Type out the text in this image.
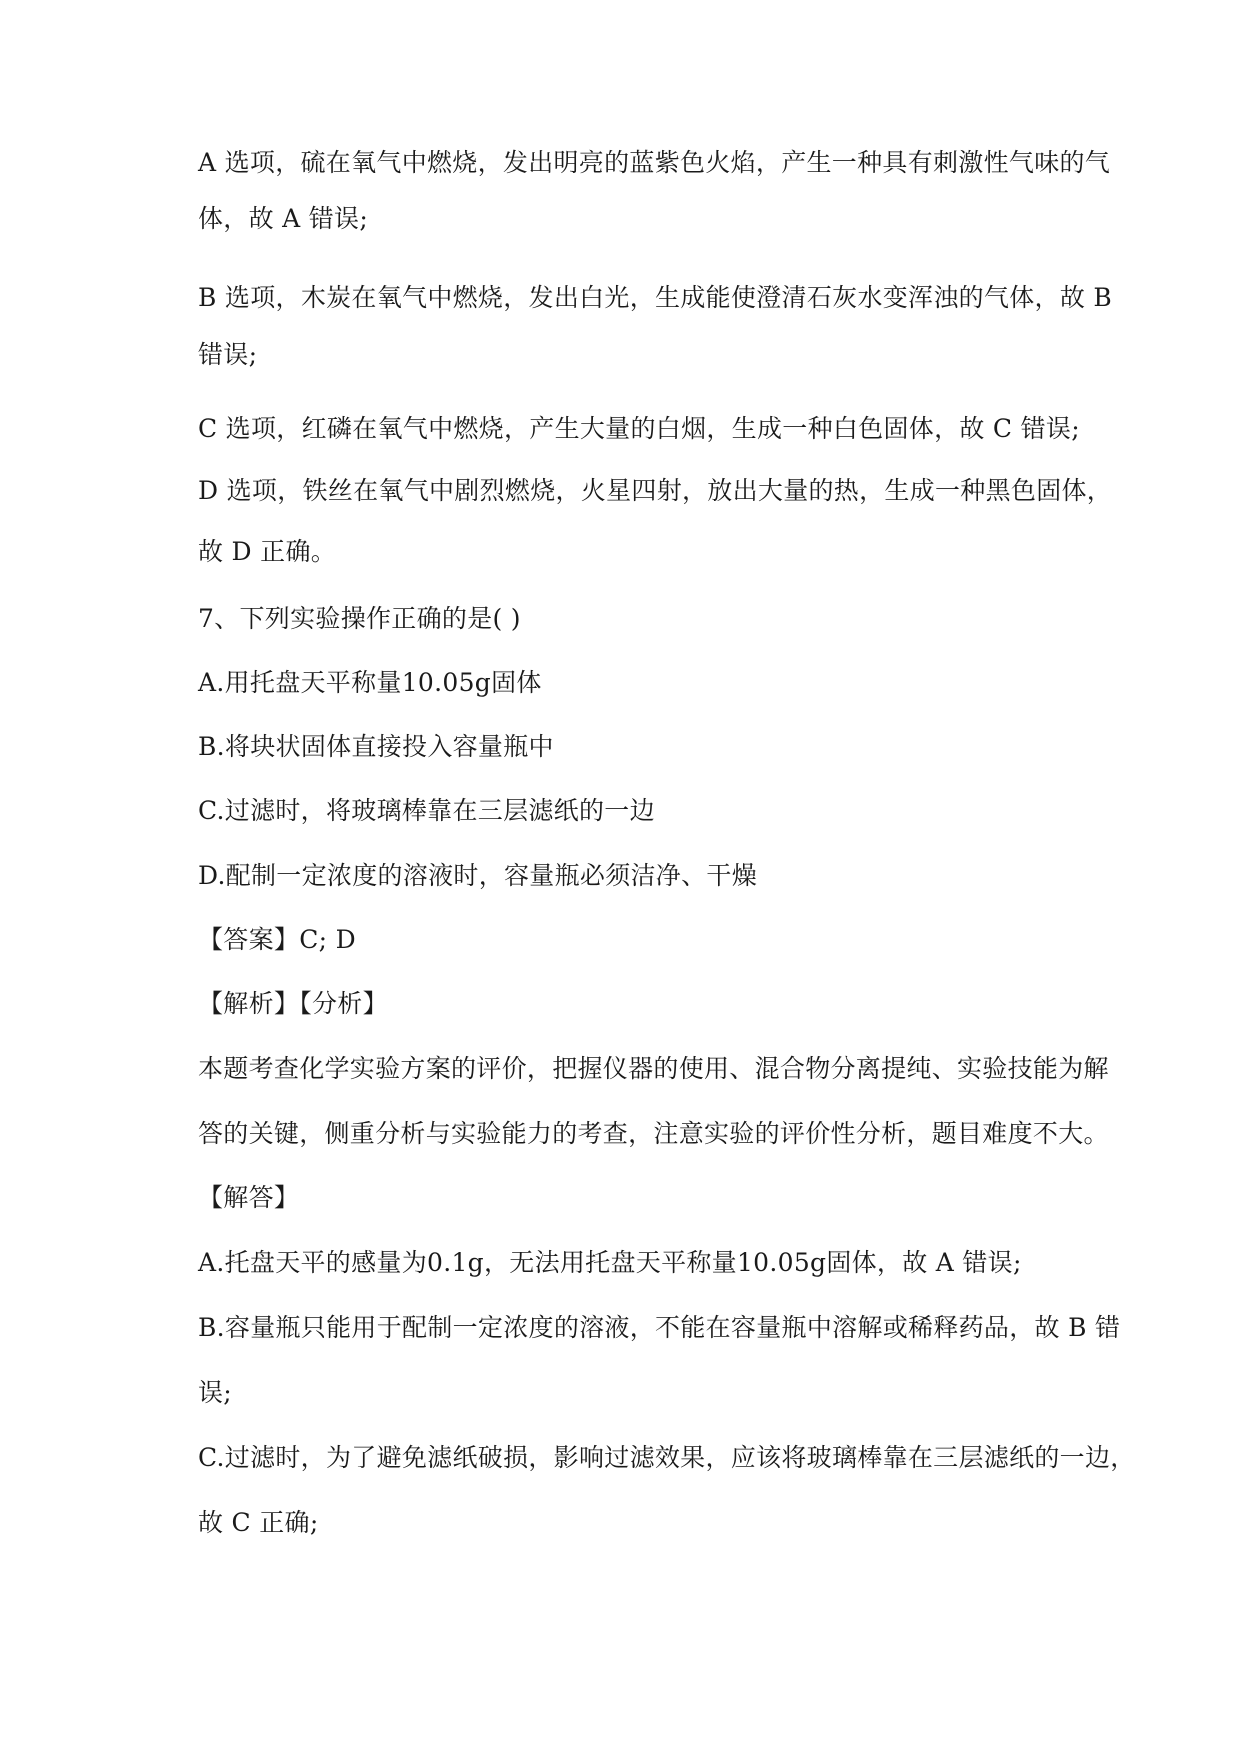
A 选项，硫在氧气中燃烧，发出明亮的蓝紫色火焰，产生一种具有刺激性气味的气
体，故 A 错误;
B 选项，木炭在氧气中燃烧，发出白光，生成能使澄清石灰水变浑浊的气体，故 B
错误;
C 选项，红磷在氧气中燃烧，产生大量的白烟，生成一种白色固体，故 C 错误;
D 选项，铁丝在氧气中剧烈燃烧，火星四射，放出大量的热，生成一种黑色固体，
故 D 正确。
7、下列实验操作正确的是( )
A.用托盘天平称量10.05g固体
B.将块状固体直接投入容量瓶中
C.过滤时，将玻璃棒靠在三层滤纸的一边
D.配制一定浓度的溶液时，容量瓶必须洁净、干燥
【答案】C; D
【解析】【分析】
本题考查化学实验方案的评价，把握仪器的使用、混合物分离提纯、实验技能为解
答的关键，侧重分析与实验能力的考查，注意实验的评价性分析，题目难度不大。
【解答】
A.托盘天平的感量为0.1g，无法用托盘天平称量10.05g固体，故 A 错误;
B.容量瓶只能用于配制一定浓度的溶液，不能在容量瓶中溶解或稀释药品，故 B 错
误;
C.过滤时，为了避免滤纸破损，影响过滤效果，应该将玻璃棒靠在三层滤纸的一边，
故 C 正确;
